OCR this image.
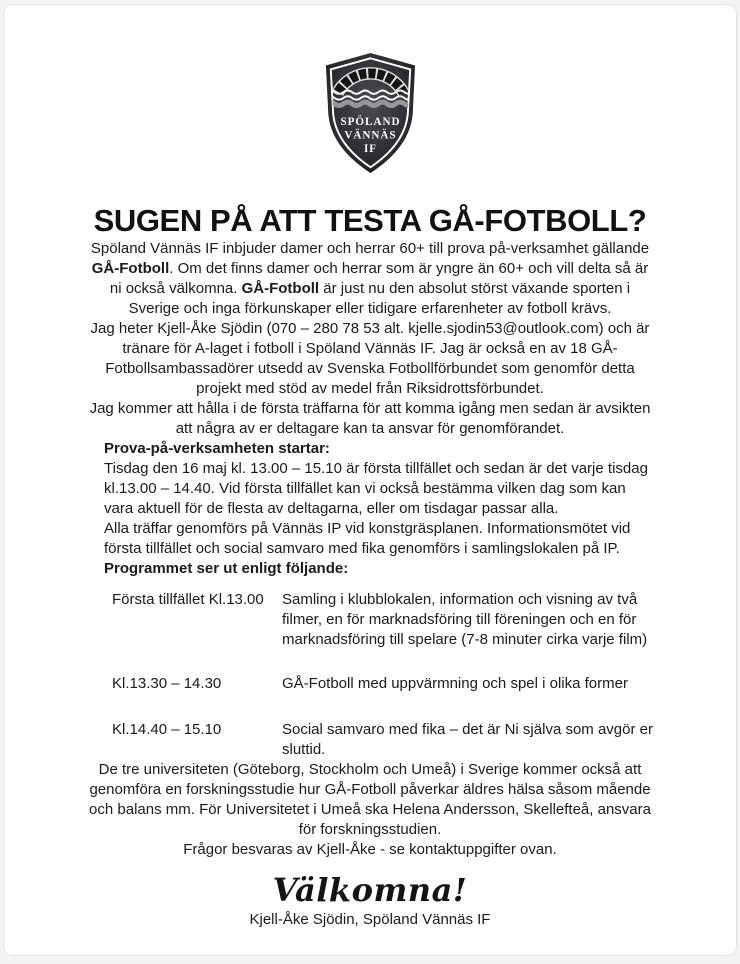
SPÖLAND
VÄNNÄS
IF
SUGEN PÅ ATT TESTA GÅ-FOTBOLL?

Spöland Vännäs IF inbjuder damer och herrar 60+ till prova på-verksamhet gällande GÅ-Fotboll. Om det finns damer och herrar som är yngre än 60+ och vill delta så är ni också välkomna. GÅ-Fotboll är just nu den absolut störst växande sporten i Sverige och inga förkunskaper eller tidigare erfarenheter av fotboll krävs.

Jag heter Kjell-Åke Sjödin (070 – 280 78 53 alt. kjelle.sjodin53@outlook.com) och är tränare för A-laget i fotboll i Spöland Vännäs IF. Jag är också en av 18 GÅ-Fotbollsambassadörer utsedd av Svenska Fotbollförbundet som genomför detta projekt med stöd av medel från Riksidrottsförbundet.

Jag kommer att hålla i de första träffarna för att komma igång men sedan är avsikten att några av er deltagare kan ta ansvar för genomförandet.

Prova-på-verksamheten startar:

Tisdag den 16 maj kl. 13.00 – 15.10 är första tillfället och sedan är det varje tisdag kl.13.00 – 14.40. Vid första tillfället kan vi också bestämma vilken dag som kan vara aktuell för de flesta av deltagarna, eller om tisdagar passar alla.

Alla träffar genomförs på Vännäs IP vid konstgräsplanen. Informationsmötet vid första tillfället och social samvaro med fika genomförs i samlingslokalen på IP.

Programmet ser ut enligt följande:

Första tillfället Kl.13.00	Samling i klubblokalen, information och visning av två filmer, en för marknadsföring till föreningen och en för marknadsföring till spelare (7-8 minuter cirka varje film)
Kl.13.30 – 14.30	GÅ-Fotboll med uppvärmning och spel i olika former
Kl.14.40 – 15.10	Social samvaro med fika – det är Ni själva som avgör er sluttid.

De tre universiteten (Göteborg, Stockholm och Umeå) i Sverige kommer också att genomföra en forskningsstudie hur GÅ-Fotboll påverkar äldres hälsa såsom mående och balans mm. För Universitetet i Umeå ska Helena Andersson, Skellefteå, ansvara för forskningsstudien.

Frågor besvaras av Kjell-Åke - se kontaktuppgifter ovan.

Välkomna!

Kjell-Åke Sjödin, Spöland Vännäs IF
